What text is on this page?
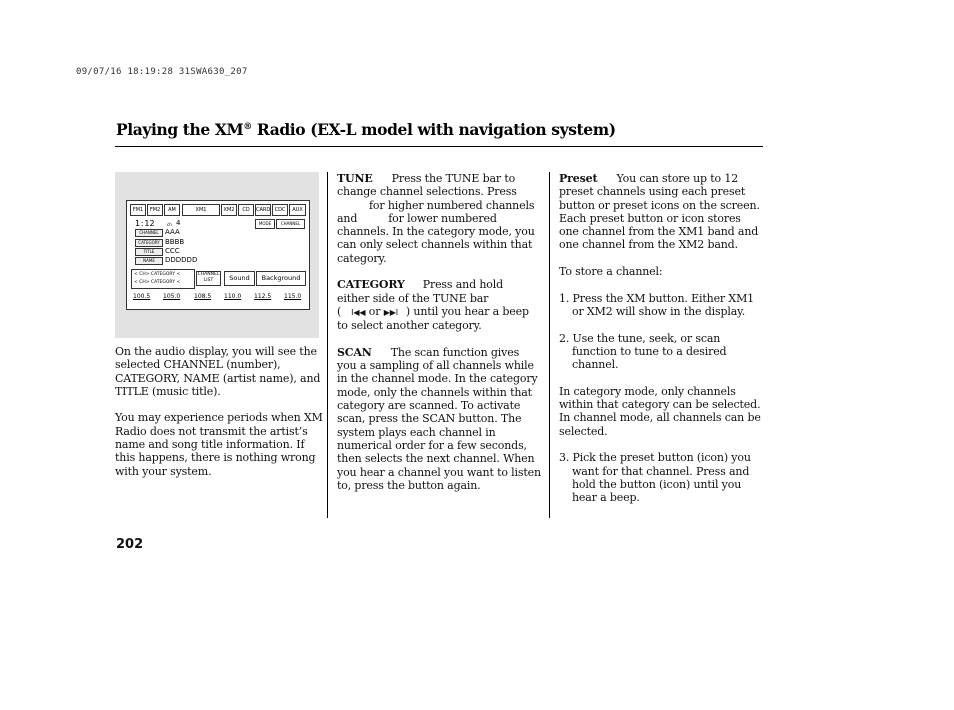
09/07/16 18:19:28 31SWA630_207
Playing the XM® Radio (EX-L model with navigation system)
FM1	FM2	AM	XM1	XM2	CD	CARD CDC	AUX
1 : 12	ch 4	MODE	CHANNEL
CHANNEL AAA
CATEGORY BBBB
TITLE	CCC
NAME	DDDDDD
< CH> CATEGORY <
< CH> CATEGORY <
CHANNEL LIST	Sound	Background
100.5 105.0 108.5 110.0 112.5 115.0

On the audio display, you will see the selected CHANNEL (number), CATEGORY, NAME (artist name), and TITLE (music title).

You may experience periods when XM Radio does not transmit the artist’s name and song title information. If this happens, there is nothing wrong with your system.

TUNE Press the TUNE bar to

change channel selections. Press

for higher numbered channels

and	for lower numbered

channels. In the category mode, you can only select channels within that category.

CATEGORY Press and hold

either side of the TUNE bar

( I◀◀ or ▶▶I ) until you hear a beep

to select another category.

SCAN The scan function gives

you a sampling of all channels while in the channel mode. In the category mode, only the channels within that category are scanned. To activate scan, press the SCAN button. The system plays each channel in numerical order for a few seconds, then selects the next channel. When you hear a channel you want to listen to, press the button again.

Preset You can store up to 12

preset channels using each preset button or preset icons on the screen. Each preset button or icon stores one channel from the XM1 band and one channel from the XM2 band.

To store a channel:

1. Press the XM button. Either XM1 or XM2 will show in the display.

2. Use the tune, seek, or scan function to tune to a desired channel.

In category mode, only channels within that category can be selected. In channel mode, all channels can be selected.

3. Pick the preset button (icon) you want for that channel. Press and hold the button (icon) until you hear a beep.

202
